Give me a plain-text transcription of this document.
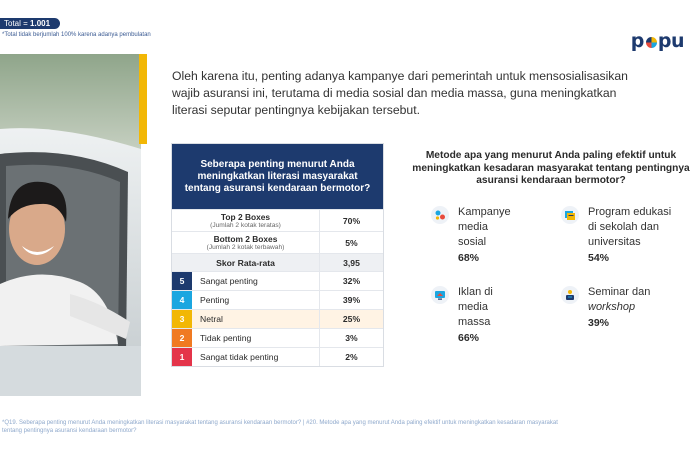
Total = 1.001
*Total tidak berjumlah 100% karena adanya pembulatan	p pu

Oleh karena itu, penting adanya kampanye dari pemerintah untuk mensosialisasikan wajib asuransi ini, terutama di media sosial dan media massa, guna meningkatkan literasi seputar pentingnya kebijakan tersebut.

Seberapa penting menurut Anda meningkatkan literasi masyarakat tentang asuransi kendaraan bermotor?
Top 2 Boxes
(Jumlah 2 kotak teratas)	70%
Bottom 2 Boxes
(Jumlah 2 kotak terbawah)	5%
Skor Rata-rata	3,95
5	Sangat penting	32%
4	Penting	39%
3	Netral	25%
2	Tidak penting	3%
1	Sangat tidak penting	2%
Metode apa yang menurut Anda paling efektif untuk meningkatkan kesadaran masyarakat tentang pentingnya asuransi kendaraan bermotor?
Kampanye
media
sosial
68%
Program edukasi
di sekolah dan
universitas
54%
Iklan di
media
massa
66%
Seminar dan
workshop
39%
*Q19. Seberapa penting menurut Anda meningkatkan literasi masyarakat tentang asuransi kendaraan bermotor? | #20. Metode apa yang menurut Anda paling efektif untuk meningkatkan kesadaran masyarakat tentang pentingnya asuransi kendaraan bermotor?
